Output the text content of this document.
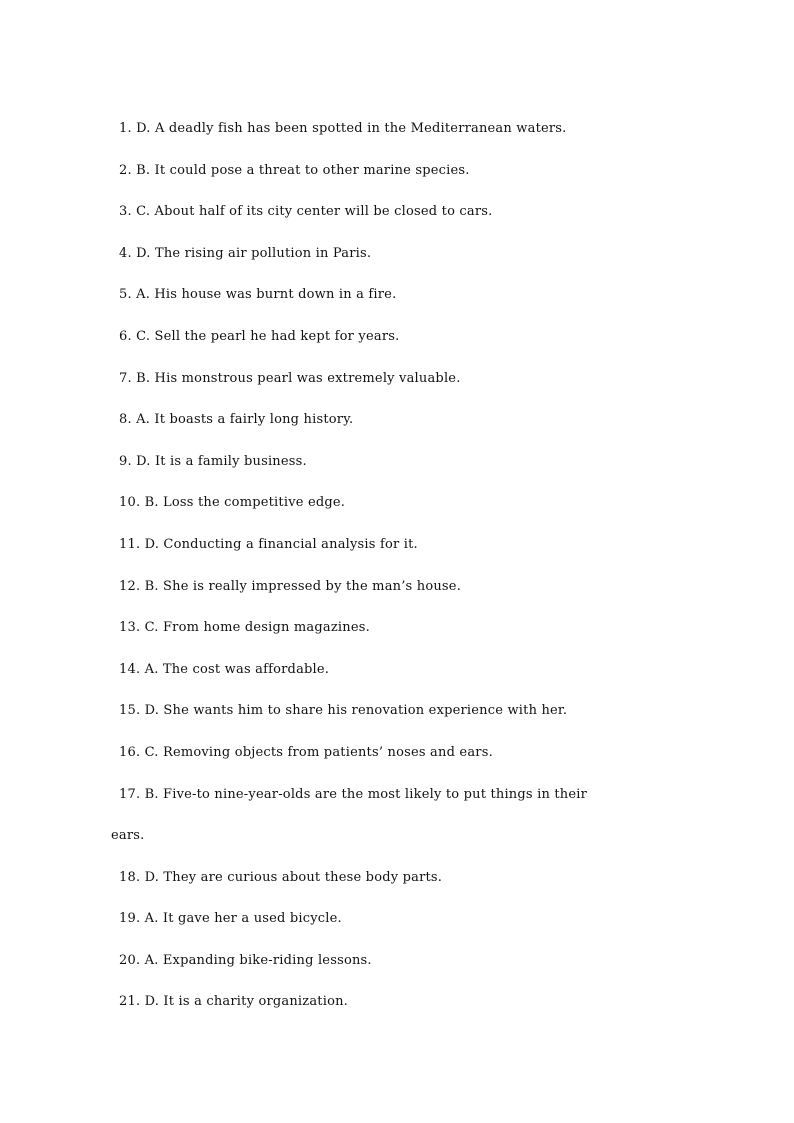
1. D. A deadly fish has been spotted in the Mediterranean waters.
2. B. It could pose a threat to other marine species.
3. C. About half of its city center will be closed to cars.
4. D. The rising air pollution in Paris.
5. A. His house was burnt down in a fire.
6. C. Sell the pearl he had kept for years.
7. B. His monstrous pearl was extremely valuable.
8. A. It boasts a fairly long history.
9. D. It is a family business.
10. B. Loss the competitive edge.
11. D. Conducting a financial analysis for it.
12. B. She is really impressed by the man’s house.
13. C. From home design magazines.
14. A. The cost was affordable.
15. D. She wants him to share his renovation experience with her.
16. C. Removing objects from patients’ noses and ears.
17. B. Five-to nine-year-olds are the most likely to put things in their
ears.
18. D. They are curious about these body parts.
19. A. It gave her a used bicycle.
20. A. Expanding bike-riding lessons.
21. D. It is a charity organization.
